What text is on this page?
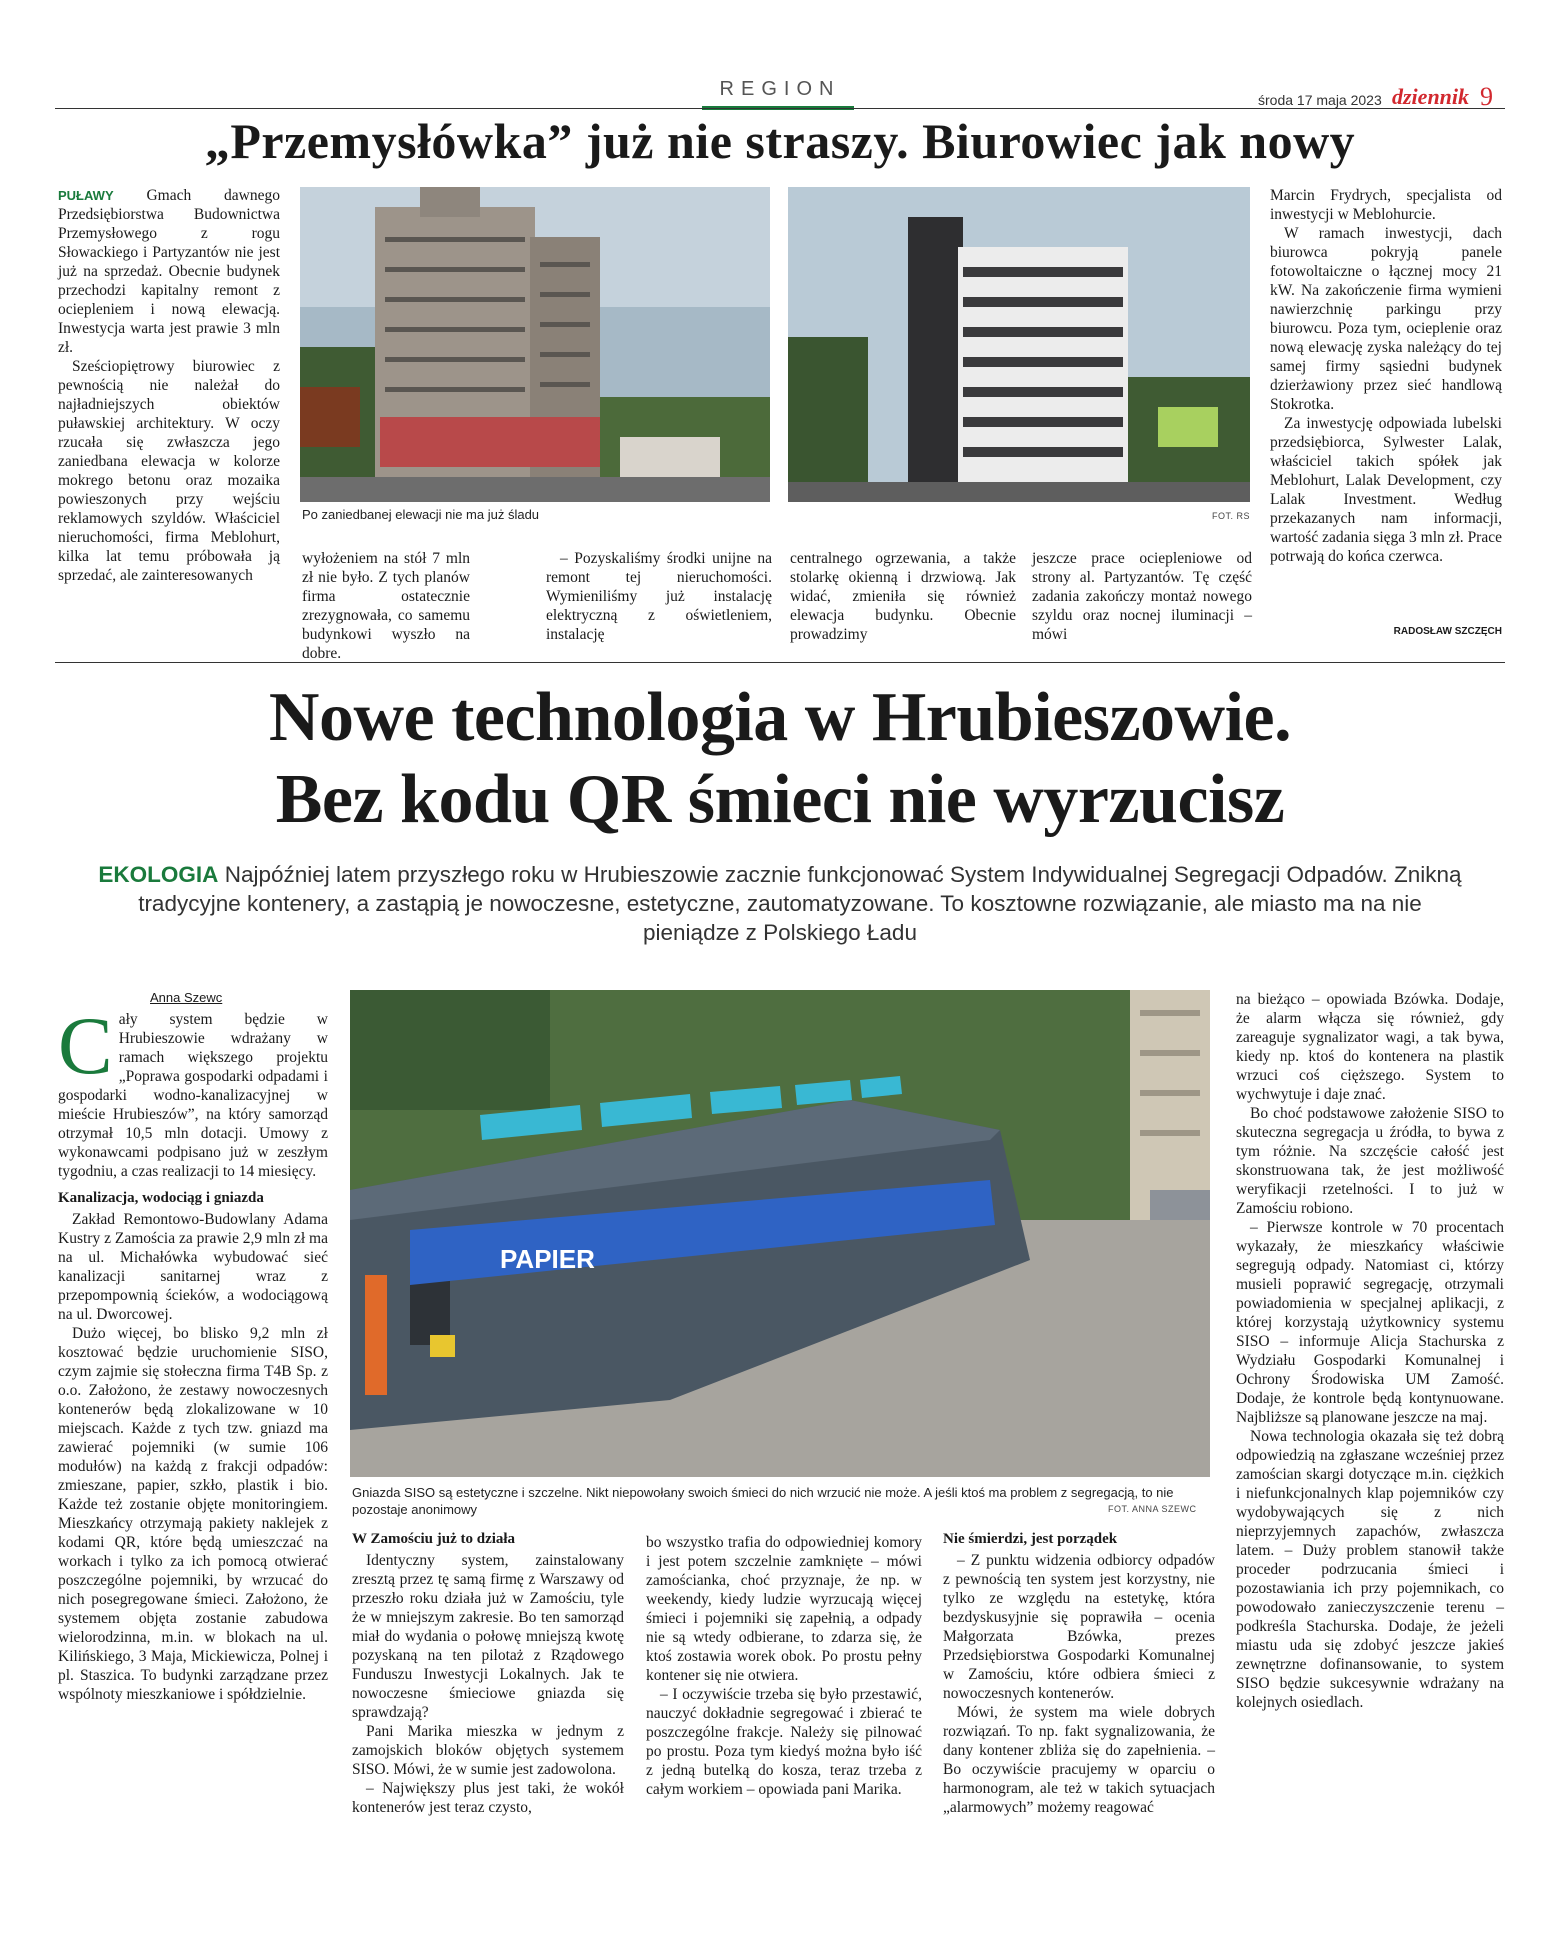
REGION	środa 17 maja 2023 dziennik 9
„Przemysłówka” już nie straszy. Biurowiec jak nowy

PUŁAWY Gmach dawnego Przedsiębiorstwa Budownictwa Przemysłowego z rogu Słowackiego i Partyzantów nie jest już na sprzedaż. Obecnie budynek przechodzi kapitalny remont z ociepleniem i nową elewacją. Inwestycja warta jest prawie 3 mln zł.

Sześciopiętrowy biurowiec z pewnością nie należał do najładniejszych obiektów puławskiej architektury. W oczy rzucała się zwłaszcza jego zaniedbana elewacja w kolorze mokrego betonu oraz mozaika powieszonych przy wejściu reklamowych szyldów. Właściciel nieruchomości, firma Meblohurt, kilka lat temu próbowała ją sprzedać, ale zainteresowanych

Po zaniedbanej elewacji nie ma już śladu	FOT. RS

wyłożeniem na stół 7 mln zł nie było. Z tych planów firma ostatecznie zrezygnowała, co samemu budynkowi wyszło na dobre.

– Pozyskaliśmy środki unijne na remont tej nieruchomości. Wymieniliśmy już instalację elektryczną z oświetleniem, instalację

centralnego ogrzewania, a także stolarkę okienną i drzwiową. Jak widać, zmieniła się również elewacja budynku. Obecnie prowadzimy

jeszcze prace ociepleniowe od strony al. Partyzantów. Tę część zadania zakończy montaż nowego szyldu oraz nocnej iluminacji – mówi

Marcin Frydrych, specjalista od inwestycji w Meblohurcie.

W ramach inwestycji, dach biurowca pokryją panele fotowoltaiczne o łącznej mocy 21 kW. Na zakończenie firma wymieni nawierzchnię parkingu przy biurowcu. Poza tym, ocieplenie oraz nową elewację zyska należący do tej samej firmy sąsiedni budynek dzierżawiony przez sieć handlową Stokrotka.

Za inwestycję odpowiada lubelski przedsiębiorca, Sylwester Lalak, właściciel takich spółek jak Meblohurt, Lalak Development, czy Lalak Investment. Według przekazanych nam informacji, wartość zadania sięga 3 mln zł. Prace potrwają do końca czerwca.

RADOSŁAW SZCZĘCH
Nowe technologia w Hrubieszowie.
Bez kodu QR śmieci nie wyrzucisz
EKOLOGIA Najpóźniej latem przyszłego roku w Hrubieszowie zacznie funkcjonować System Indywidualnej Segregacji Odpadów. Znikną tradycyjne kontenery, a zastąpią je nowoczesne, estetyczne, zautomatyzowane. To kosztowne rozwiązanie, ale miasto ma na nie pieniądze z Polskiego Ładu
Anna Szewc

C ały system będzie w Hrubieszowie wdrażany w ramach większego projektu „Poprawa gospodarki odpadami i gospodarki wodno-kanalizacyjnej w mieście Hrubieszów”, na który samorząd otrzymał 10,5 mln dotacji. Umowy z wykonawcami podpisano już w zeszłym tygodniu, a czas realizacji to 14 miesięcy.

Kanalizacja, wodociąg i gniazda

Zakład Remontowo-Budowlany Adama Kustry z Zamościa za prawie 2,9 mln zł ma na ul. Michałówka wybudować sieć kanalizacji sanitarnej wraz z przepompownią ścieków, a wodociągową na ul. Dworcowej.

Dużo więcej, bo blisko 9,2 mln zł kosztować będzie uruchomienie SISO, czym zajmie się stołeczna firma T4B Sp. z o.o. Założono, że zestawy nowoczesnych kontenerów będą zlokalizowane w 10 miejscach. Każde z tych tzw. gniazd ma zawierać pojemniki (w sumie 106 modułów) na każdą z frakcji odpadów: zmieszane, papier, szkło, plastik i bio. Każde też zostanie objęte monitoringiem. Mieszkańcy otrzymają pakiety naklejek z kodami QR, które będą umieszczać na workach i tylko za ich pomocą otwierać poszczególne pojemniki, by wrzucać do nich posegregowane śmieci. Założono, że systemem objęta zostanie zabudowa wielorodzinna, m.in. w blokach na ul. Kilińskiego, 3 Maja, Mickiewicza, Polnej i pl. Staszica. To budynki zarządzane przez wspólnoty mieszkaniowe i spółdzielnie.

PAPIER
Gniazda SISO są estetyczne i szczelne. Nikt niepowołany swoich śmieci do nich wrzucić nie może. A jeśli ktoś ma problem z segregacją, to nie pozostaje anonimowy	FOT. ANNA SZEWC
W Zamościu już to działa

Identyczny system, zainstalowany zresztą przez tę samą firmę z Warszawy od przeszło roku działa już w Zamościu, tyle że w mniejszym zakresie. Bo ten samorząd miał do wydania o połowę mniejszą kwotę pozyskaną na ten pilotaż z Rządowego Funduszu Inwestycji Lokalnych. Jak te nowoczesne śmieciowe gniazda się sprawdzają?

Pani Marika mieszka w jednym z zamojskich bloków objętych systemem SISO. Mówi, że w sumie jest zadowolona.

– Największy plus jest taki, że wokół kontenerów jest teraz czysto,

bo wszystko trafia do odpowiedniej komory i jest potem szczelnie zamknięte – mówi zamościanka, choć przyznaje, że np. w weekendy, kiedy ludzie wyrzucają więcej śmieci i pojemniki się zapełnią, a odpady nie są wtedy odbierane, to zdarza się, że ktoś zostawia worek obok. Po prostu pełny kontener się nie otwiera.

– I oczywiście trzeba się było przestawić, nauczyć dokładnie segregować i zbierać te poszczególne frakcje. Należy się pilnować po prostu. Poza tym kiedyś można było iść z jedną butelką do kosza, teraz trzeba z całym workiem – opowiada pani Marika.

Nie śmierdzi, jest porządek

– Z punktu widzenia odbiorcy odpadów z pewnością ten system jest korzystny, nie tylko ze względu na estetykę, która bezdyskusyjnie się poprawiła – ocenia Małgorzata Bzówka, prezes Przedsiębiorstwa Gospodarki Komunalnej w Zamościu, które odbiera śmieci z nowoczesnych kontenerów.

Mówi, że system ma wiele dobrych rozwiązań. To np. fakt sygnalizowania, że dany kontener zbliża się do zapełnienia. – Bo oczywiście pracujemy w oparciu o harmonogram, ale też w takich sytuacjach „alarmowych” możemy reagować

na bieżąco – opowiada Bzówka. Dodaje, że alarm włącza się również, gdy zareaguje sygnalizator wagi, a tak bywa, kiedy np. ktoś do kontenera na plastik wrzuci coś cięższego. System to wychwytuje i daje znać.

Bo choć podstawowe założenie SISO to skuteczna segregacja u źródła, to bywa z tym różnie. Na szczęście całość jest skonstruowana tak, że jest możliwość weryfikacji rzetelności. I to już w Zamościu robiono.

– Pierwsze kontrole w 70 procentach wykazały, że mieszkańcy właściwie segregują odpady. Natomiast ci, którzy musieli poprawić segregację, otrzymali powiadomienia w specjalnej aplikacji, z której korzystają użytkownicy systemu SISO – informuje Alicja Stachurska z Wydziału Gospodarki Komunalnej i Ochrony Środowiska UM Zamość. Dodaje, że kontrole będą kontynuowane. Najbliższe są planowane jeszcze na maj.

Nowa technologia okazała się też dobrą odpowiedzią na zgłaszane wcześniej przez zamościan skargi dotyczące m.in. ciężkich i niefunkcjonalnych klap pojemników czy wydobywających się z nich nieprzyjemnych zapachów, zwłaszcza latem. – Duży problem stanowił także proceder podrzucania śmieci i pozostawiania ich przy pojemnikach, co powodowało zanieczyszczenie terenu – podkreśla Stachurska. Dodaje, że jeżeli miastu uda się zdobyć jeszcze jakieś zewnętrzne dofinansowanie, to system SISO będzie sukcesywnie wdrażany na kolejnych osiedlach.
